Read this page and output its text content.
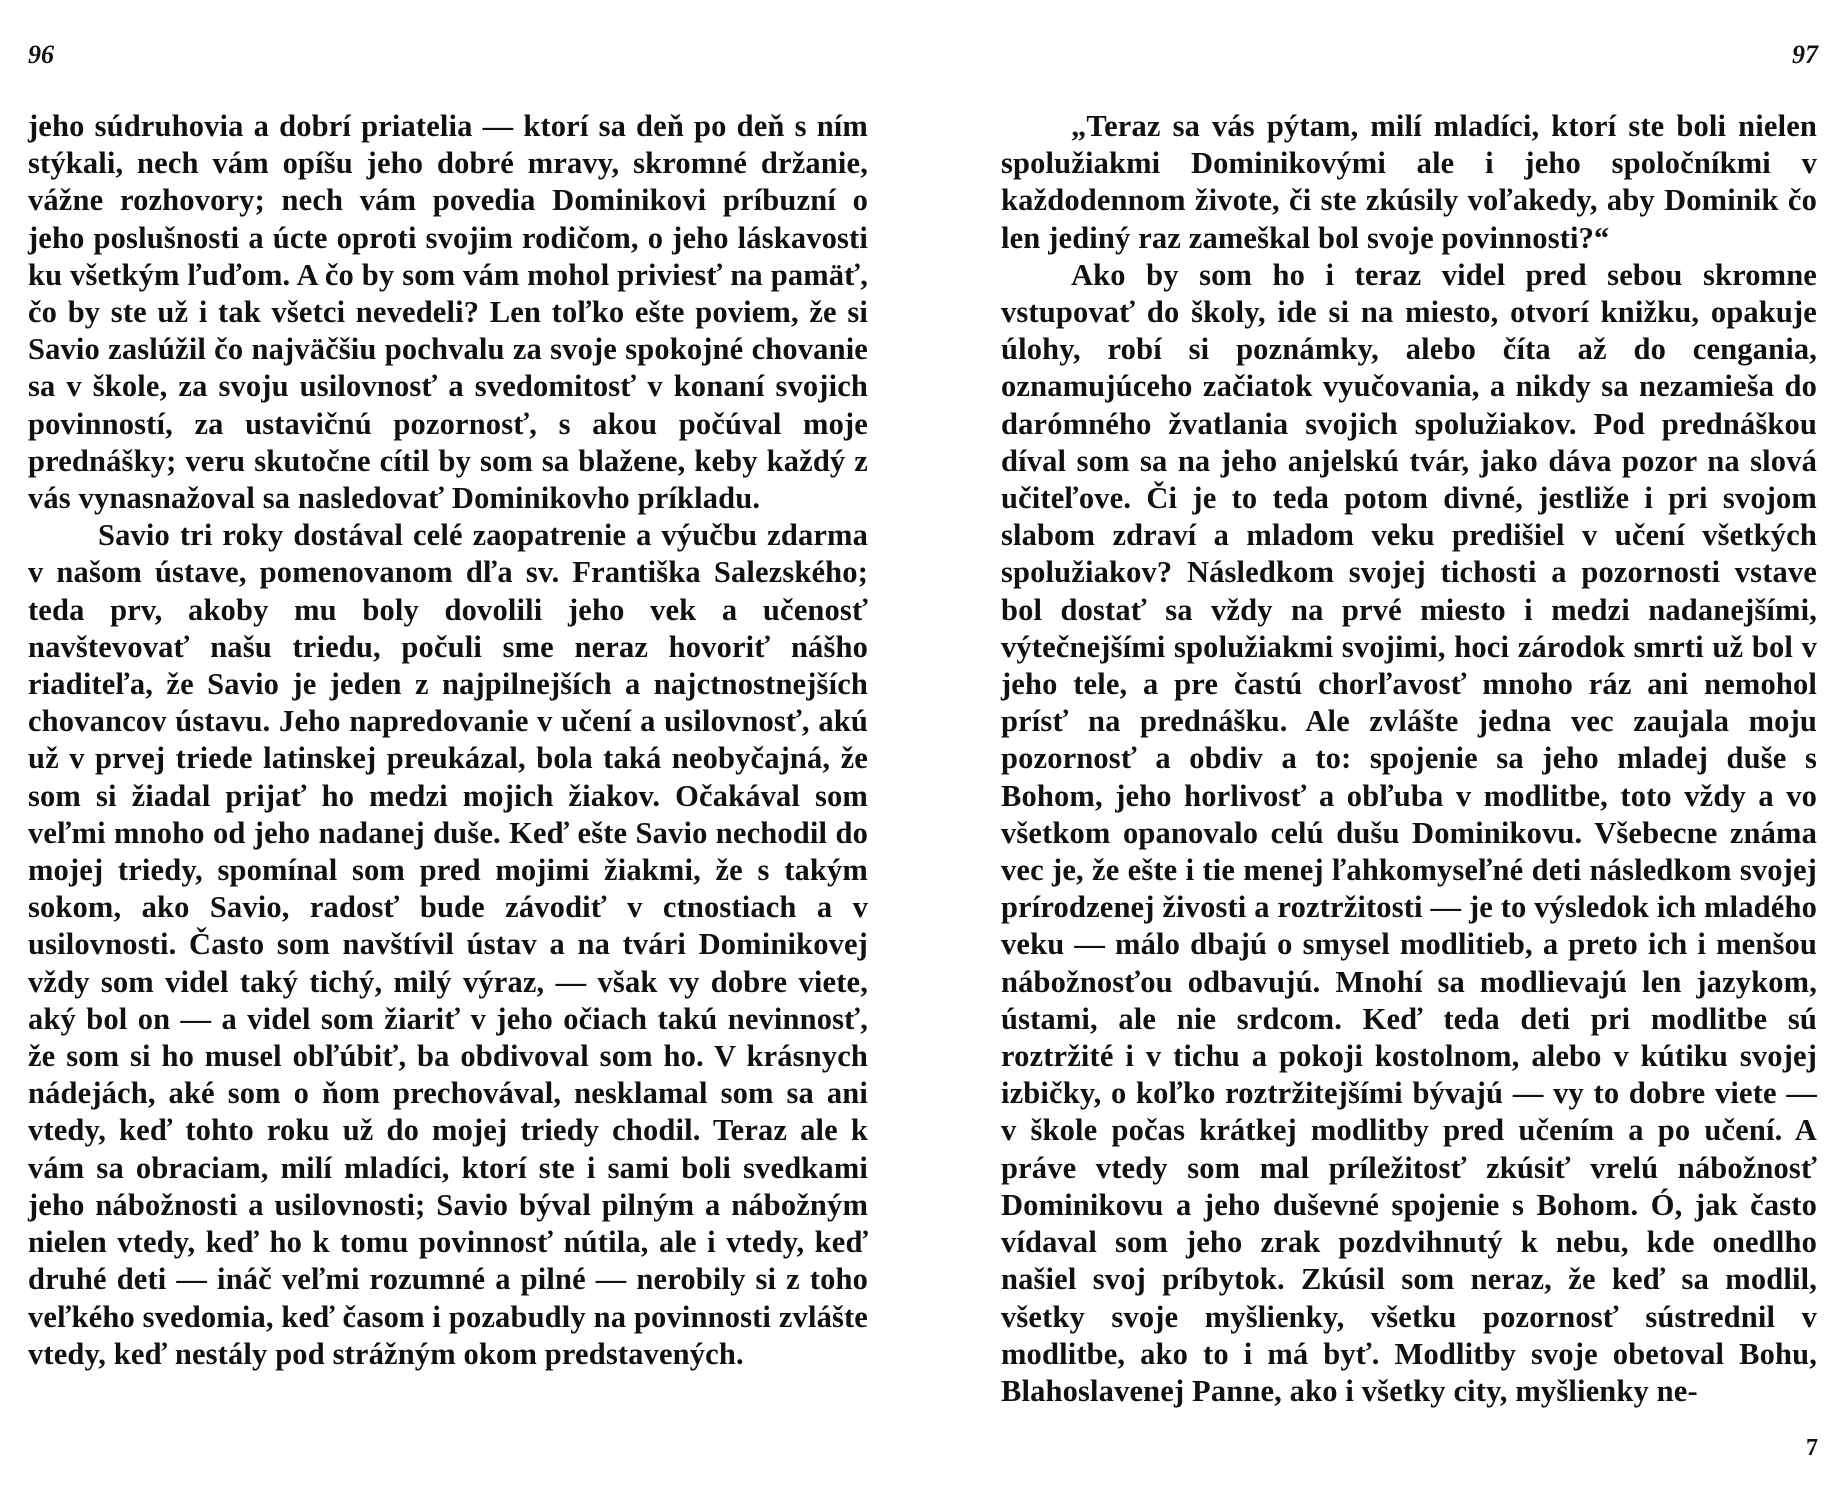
96

jeho súdruhovia a dobrí priatelia — ktorí sa deň po deň s ním stýkali, nech vám opíšu jeho dobré mravy, skromné držanie, vážne rozhovory; nech vám povedia Dominikovi príbuzní o jeho poslušnosti a úcte oproti svojim rodičom, o jeho láskavosti ku všetkým ľuďom. A čo by som vám mohol priviesť na pamäť, čo by ste už i tak všetci nevedeli? Len toľko ešte poviem, že si Savio zaslúžil čo najväčšiu pochvalu za svoje spokojné chovanie sa v škole, za svoju usilovnosť a svedomitosť v konaní svojich povinností, za ustavičnú pozornosť, s akou počúval moje prednášky; veru skutočne cítil by som sa blažene, keby každý z vás vynasnažoval sa nasledovať Dominikovho príkladu.

Savio tri roky dostával celé zaopatrenie a výučbu zdarma v našom ústave, pomenovanom dľa sv. Františka Salezského; teda prv, akoby mu boly dovolili jeho vek a učenosť navštevovať našu triedu, počuli sme neraz hovoriť nášho riaditeľa, že Savio je jeden z najpilnejších a najctnostnejších chovancov ústavu. Jeho napredovanie v učení a usilovnosť, akú už v prvej triede latinskej preukázal, bola taká neobyčajná, že som si žiadal prijať ho medzi mojich žiakov. Očakával som veľmi mnoho od jeho nadanej duše. Keď ešte Savio nechodil do mojej triedy, spomínal som pred mojimi žiakmi, že s takým sokom, ako Savio, radosť bude závodiť v ctnostiach a v usilovnosti. Často som navštívil ústav a na tvári Dominikovej vždy som videl taký tichý, milý výraz, — však vy dobre viete, aký bol on — a videl som žiariť v jeho očiach takú nevinnosť, že som si ho musel obľúbiť, ba obdivoval som ho. V krásnych nádejách, aké som o ňom prechovával, nesklamal som sa ani vtedy, keď tohto roku už do mojej triedy chodil. Teraz ale k vám sa obraciam, milí mladíci, ktorí ste i sami boli svedkami jeho nábožnosti a usilovnosti; Savio býval pilným a nábožným nielen vtedy, keď ho k tomu povinnosť nútila, ale i vtedy, keď druhé deti — ináč veľmi rozumné a pilné — nerobily si z toho veľkého svedomia, keď časom i pozabudly na povinnosti zvlášte vtedy, keď nestály pod strážným okom predstavených.

97

„Teraz sa vás pýtam, milí mladíci, ktorí ste boli nielen spolužiakmi Dominikovými ale i jeho spoločníkmi v každodennom živote, či ste zkúsily voľakedy, aby Dominik čo len jediný raz zameškal bol svoje povinnosti?“

Ako by som ho i teraz videl pred sebou skromne vstupovať do školy, ide si na miesto, otvorí knižku, opakuje úlohy, robí si poznámky, alebo číta až do cengania, oznamujúceho začiatok vyučovania, a nikdy sa nezamieša do darómného žvatlania svojich spolužiakov. Pod prednáškou díval som sa na jeho anjelskú tvár, jako dáva pozor na slová učiteľove. Či je to teda potom divné, jestliže i pri svojom slabom zdraví a mladom veku predišiel v učení všetkých spolužiakov? Následkom svojej tichosti a pozornosti vstave bol dostať sa vždy na prvé miesto i medzi nadanejšími, výtečnejšími spolužiakmi svojimi, hoci zárodok smrti už bol v jeho tele, a pre častú chorľavosť mnoho ráz ani nemohol prísť na prednášku. Ale zvlášte jedna vec zaujala moju pozornosť a obdiv a to: spojenie sa jeho mladej duše s Bohom, jeho horlivosť a obľuba v modlitbe, toto vždy a vo všetkom opanovalo celú dušu Dominikovu. Všebecne známa vec je, že ešte i tie menej ľahkomyseľné deti následkom svojej prírodzenej živosti a roztržitosti — je to výsledok ich mladého veku — málo dbajú o smysel modlitieb, a preto ich i menšou nábožnosťou odbavujú. Mnohí sa modlievajú len jazykom, ústami, ale nie srdcom. Keď teda deti pri modlitbe sú roztržité i v tichu a pokoji kostolnom, alebo v kútiku svojej izbičky, o koľko roztržitejšími bývajú — vy to dobre viete — v škole počas krátkej modlitby pred učením a po učení. A práve vtedy som mal príležitosť zkúsiť vrelú nábožnosť Dominikovu a jeho duševné spojenie s Bohom. Ó, jak často vídaval som jeho zrak pozdvihnutý k nebu, kde onedlho našiel svoj príbytok. Zkúsil som neraz, že keď sa modlil, všetky svoje myšlienky, všetku pozornosť sústrednil v modlitbe, ako to i má byť. Modlitby svoje obetoval Bohu, Blahoslavenej Panne, ako i všetky city, myšlienky ne-

7
